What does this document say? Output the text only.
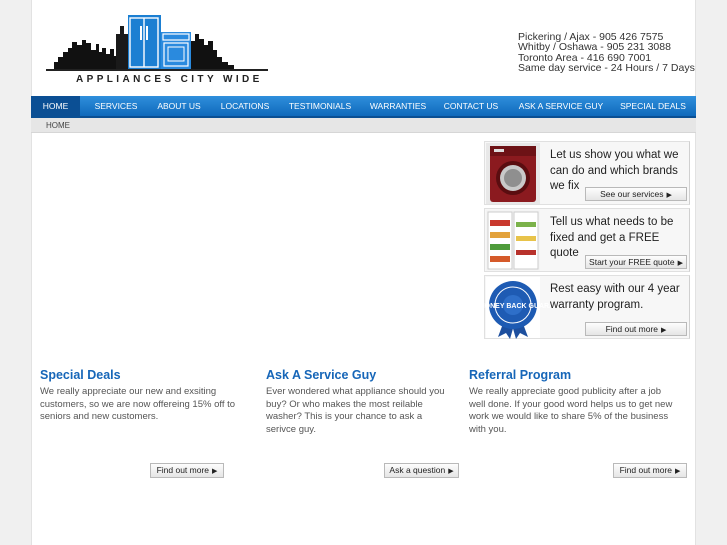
APPLIANCES CITY WIDE
Pickering / Ajax - 905 426 7575
Whitby / Oshawa - 905 231 3088
Toronto Area - 416 690 7001
Same day service - 24 Hours / 7 Days
HOME	SERVICES	ABOUT US	LOCATIONS	TESTIMONIALS	WARRANTIES	CONTACT US	ASK A SERVICE GUY	SPECIAL DEALS
HOME
Let us show you what we can do and which brands we fix
See our services ▶
Tell us what needs to be fixed and get a FREE quote
Start your FREE quote ▶
30 DAY MONEY BACK GUARANTEE
Rest easy with our 4 year warranty program.
Find out more ▶
Special Deals

We really appreciate our new and exsiting customers, so we are now offereing 15% off to seniors and new customers.

Find out more ▶
Ask A Service Guy

Ever wondered what appliance should you buy? Or who makes the most reilable washer? This is your chance to ask a serivce guy.

Ask a question ▶
Referral Program

We really appreciate good publicity after a job well done. If your good word helps us to get new work we would like to share 5% of the business with you.

Find out more ▶
